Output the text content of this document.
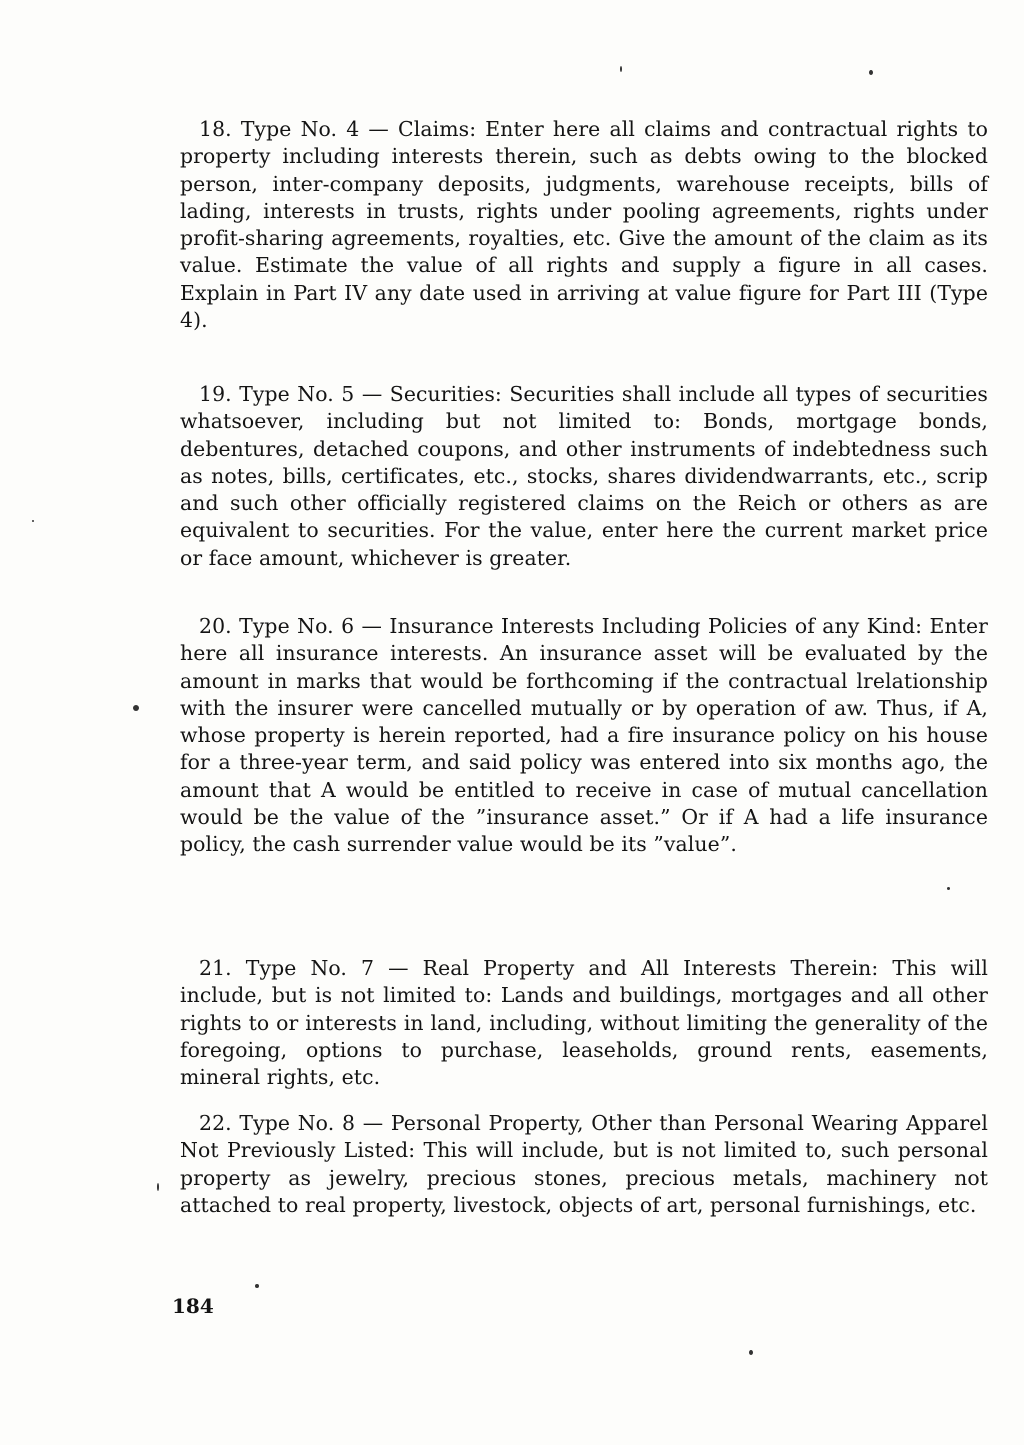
18. Type No. 4 — Claims: Enter here all claims and contractual rights to property including interests therein, such as debts owing to the blocked person, inter-company deposits, judgments, warehouse receipts, bills of lading, interests in trusts, rights under pooling agreements, rights under profit-sharing agreements, royalties, etc. Give the amount of the claim as its value. Estimate the value of all rights and supply a figure in all cases. Explain in Part IV any date used in arriving at value figure for Part III (Type 4).

19. Type No. 5 — Securities: Securities shall include all types of securities whatsoever, including but not limited to: Bonds, mortgage bonds, debentures, detached coupons, and other instruments of indebtedness such as notes, bills, certificates, etc., stocks, shares dividendwarrants, etc., scrip and such other officially registered claims on the Reich or others as are equivalent to securities. For the value, enter here the current market price or face amount, whichever is greater.

20. Type No. 6 — Insurance Interests Including Policies of any Kind: Enter here all insurance interests. An insurance asset will be evaluated by the amount in marks that would be forthcoming if the contractual lrelationship with the insurer were cancelled mutually or by operation of aw. Thus, if A, whose property is herein reported, had a fire insurance policy on his house for a three-year term, and said policy was entered into six months ago, the amount that A would be entitled to receive in case of mutual cancellation would be the value of the ”insurance asset.” Or if A had a life insurance policy, the cash surrender value would be its ”value”.

21. Type No. 7 — Real Property and All Interests Therein: This will include, but is not limited to: Lands and buildings, mortgages and all other rights to or interests in land, including, without limiting the generality of the foregoing, options to purchase, leaseholds, ground rents, easements, mineral rights, etc.

22. Type No. 8 — Personal Property, Other than Personal Wearing Apparel Not Previously Listed: This will include, but is not limited to, such personal property as jewelry, precious stones, precious metals, machinery not attached to real property, livestock, objects of art, personal furnishings, etc.

184
